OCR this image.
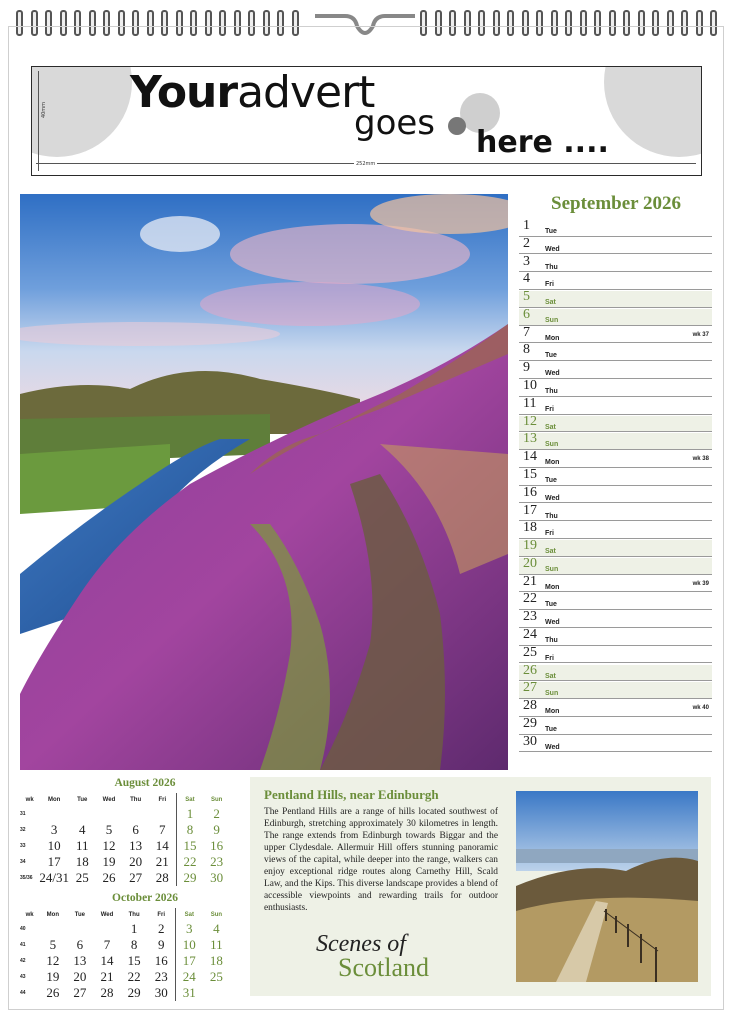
Youradvert
goes here ....
40mm
252mm
September 2026
1 Tue
2 Wed
3 Thu
4 Fri
5 Sat
6 Sun
7 Mon	wk 37
8 Tue
9 Wed
10 Thu
11 Fri
12 Sat
13 Sun
14 Mon	wk 38
15 Tue
16 Wed
17 Thu
18 Fri
19 Sat
20 Sun
21 Mon	wk 39
22 Tue
23 Wed
24 Thu
25 Fri
26 Sat
27 Sun
28 Mon	wk 40
29 Tue
30 Wed
August 2026
wk	Mon	Tue	Wed	Thu	Fri	Sat	Sun
31						1	2
32	3	4	5	6	7	8	9
33	10	11	12	13	14	15	16
34	17	18	19	20	21	22	23
35/36	24/31	25	26	27	28	29	30
October 2026
wk	Mon	Tue	Wed	Thu	Fri	Sat	Sun
40				1	2	3	4
41	5	6	7	8	9	10	11
42	12	13	14	15	16	17	18
43	19	20	21	22	23	24	25
44	26	27	28	29	30	31	
Pentland Hills, near Edinburgh
The Pentland Hills are a range of hills located southwest of Edinburgh, stretching approximately 30 kilometres in length. The range extends from Edinburgh towards Biggar and the upper Clydesdale. Allermuir Hill offers stunning panoramic views of the capital, while deeper into the range, walkers can enjoy exceptional ridge routes along Carnethy Hill, Scald Law, and the Kips. This diverse landscape provides a blend of accessible viewpoints and rewarding trails for outdoor enthusiasts.
Scenes of
Scotland
